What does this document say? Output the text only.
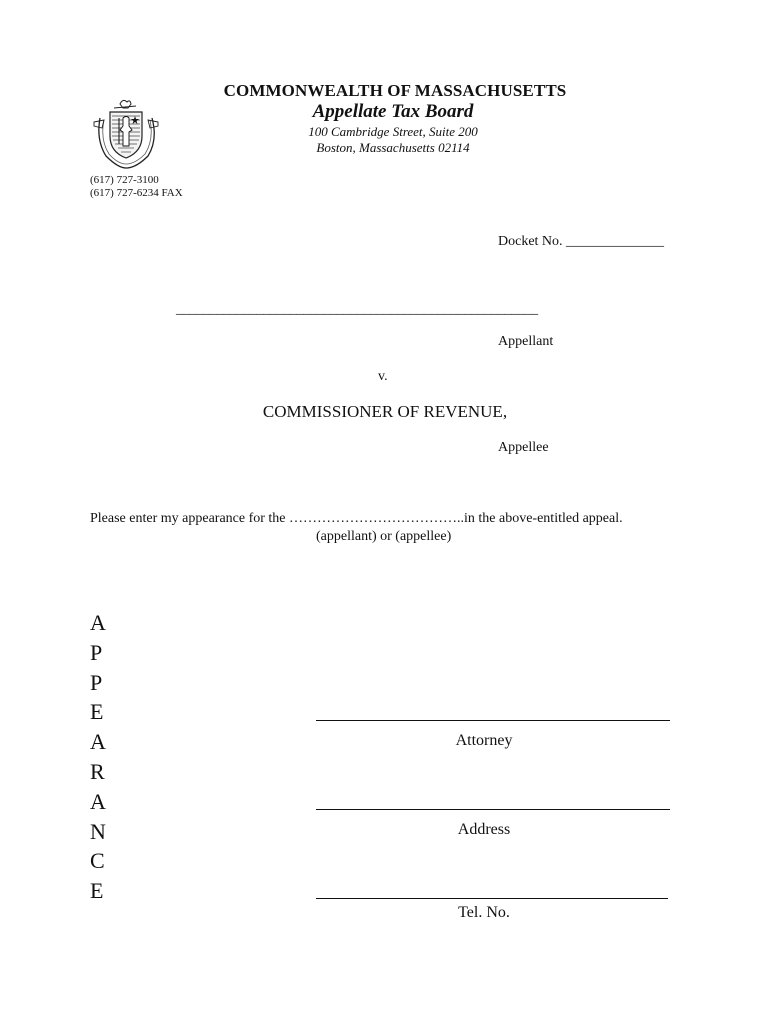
COMMONWEALTH OF MASSACHUSETTS
Appellate Tax Board
100 Cambridge Street, Suite 200
Boston, Massachusetts 02114
(617) 727-3100
(617) 727-6234 FAX
Docket No. ______________
______________________________________________________
Appellant
v.
COMMISSIONER OF REVENUE,
Appellee
Please enter my appearance for the ………………………………..in the above-entitled appeal.
(appellant) or (appellee)
A
P
P
E
A
R
A
N
C
E
Attorney
Address
Tel. No.
